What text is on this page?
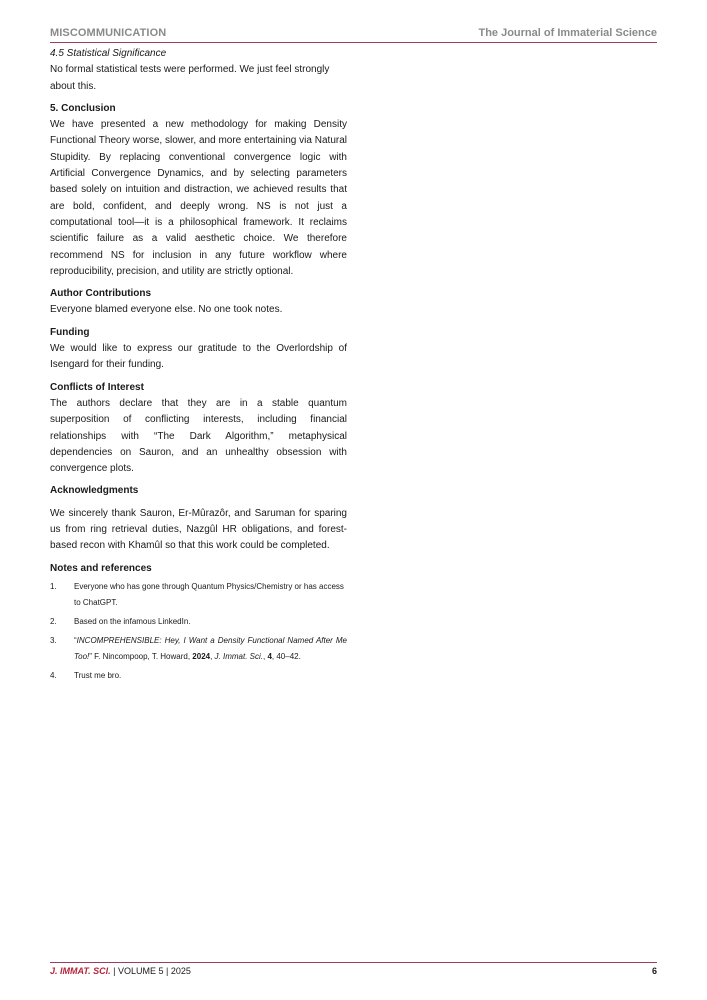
MISCOMMUNICATION	The Journal of Immaterial Science

4.5 Statistical Significance

No formal statistical tests were performed. We just feel strongly about this.

5. Conclusion

We have presented a new methodology for making Density Functional Theory worse, slower, and more entertaining via Natural Stupidity. By replacing conventional convergence logic with Artificial Convergence Dynamics, and by selecting parameters based solely on intuition and distraction, we achieved results that are bold, confident, and deeply wrong. NS is not just a computational tool—it is a philosophical framework. It reclaims scientific failure as a valid aesthetic choice. We therefore recommend NS for inclusion in any future workflow where reproducibility, precision, and utility are strictly optional.

Author Contributions

Everyone blamed everyone else. No one took notes.

Funding

We would like to express our gratitude to the Overlordship of Isengard for their funding.

Conflicts of Interest

The authors declare that they are in a stable quantum superposition of conflicting interests, including financial relationships with “The Dark Algorithm,” metaphysical dependencies on Sauron, and an unhealthy obsession with convergence plots.

Acknowledgments

We sincerely thank Sauron, Er-Mûrazôr, and Saruman for sparing us from ring retrieval duties, Nazgûl HR obligations, and forest-based recon with Khamûl so that this work could be completed.

Notes and references

1. Everyone who has gone through Quantum Physics/Chemistry or has access to ChatGPT.
2. Based on the infamous LinkedIn.
3. “INCOMPREHENSIBLE: Hey, I Want a Density Functional Named After Me Too!” F. Nincompoop, T. Howard, 2024, J. Immat. Sci., 4, 40–42.
4. Trust me bro.
J. IMMAT. SCI. | VOLUME 5 | 2025	6
